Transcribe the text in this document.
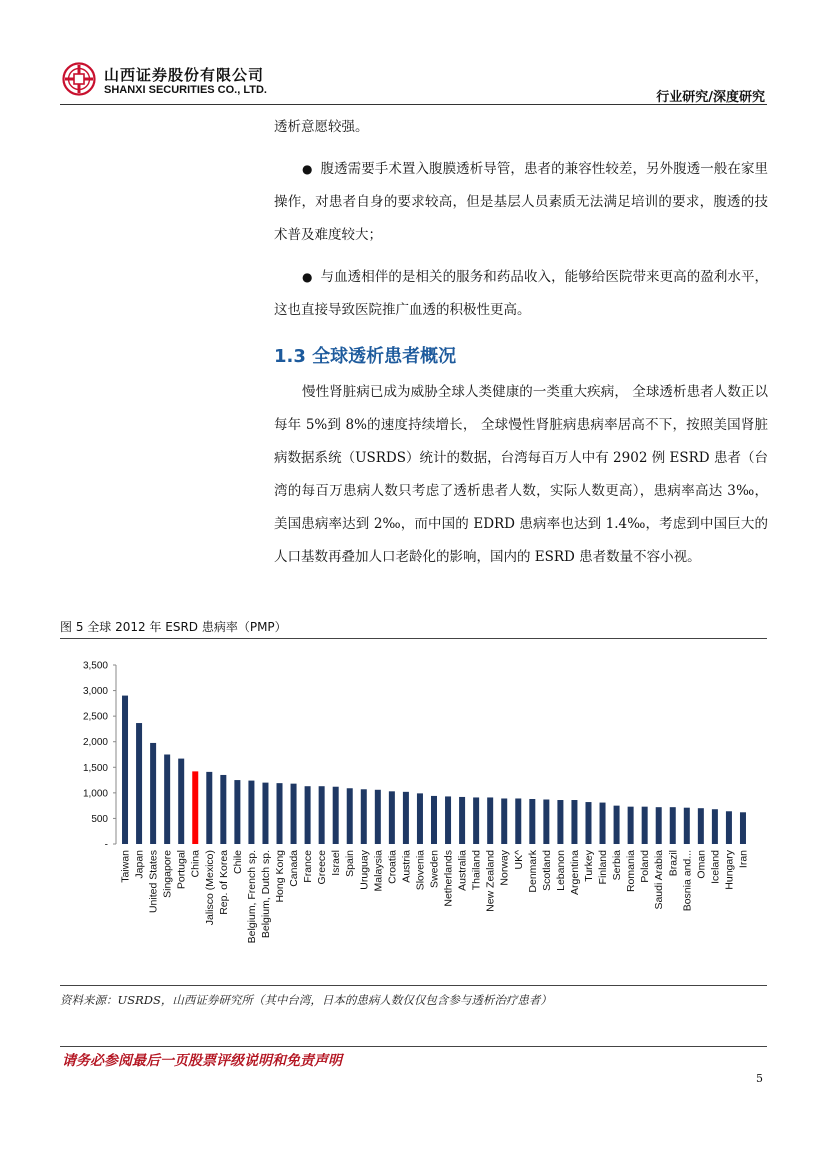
山西证券股份有限公司
SHANXI SECURITIES CO., LTD.	行业研究/深度研究
透析意愿较强。
● 腹透需要手术置入腹膜透析导管，患者的兼容性较差，另外腹透一般在家里操作，对患者自身的要求较高，但是基层人员素质无法满足培训的要求，腹透的技术普及难度较大；
● 与血透相伴的是相关的服务和药品收入，能够给医院带来更高的盈利水平，这也直接导致医院推广血透的积极性更高。
1.3 全球透析患者概况
慢性肾脏病已成为威胁全球人类健康的一类重大疾病， 全球透析患者人数正以每年 5%到 8%的速度持续增长， 全球慢性肾脏病患病率居高不下，按照美国肾脏病数据系统（USRDS）统计的数据，台湾每百万人中有 2902 例 ESRD 患者（台湾的每百万患病人数只考虑了透析患者人数，实际人数更高），患病率高达 3‰，美国患病率达到 2‰，而中国的 EDRD 患病率也达到 1.4‰，考虑到中国巨大的人口基数再叠加人口老龄化的影响，国内的 ESRD 患者数量不容小视。
图 5 全球 2012 年 ESRD 患病率（PMP）
-
500
1,000
1,500
2,000
2,500
3,000
3,500
Taiwan Japan United States Singapore Portugal China Jalisco (Mexico) Rep. of Korea Chile Belgium, French sp. Belgium, Dutch sp. Hong Kong Canada France Greece Israel Spain Uruguay Malaysia Croatia Austria Slovenia Sweden Netherlands Australia Thailand New Zealand Norway UK^ Denmark Scotland Lebanon Argentina Turkey Finland Serbia Romania Poland Saudi Arabia Brazil Bosnia and... Oman Iceland Hungary Iran
资料来源：USRDS，山西证券研究所（其中台湾，日本的患病人数仅仅包含参与透析治疗患者）
请务必参阅最后一页股票评级说明和免责声明
5
